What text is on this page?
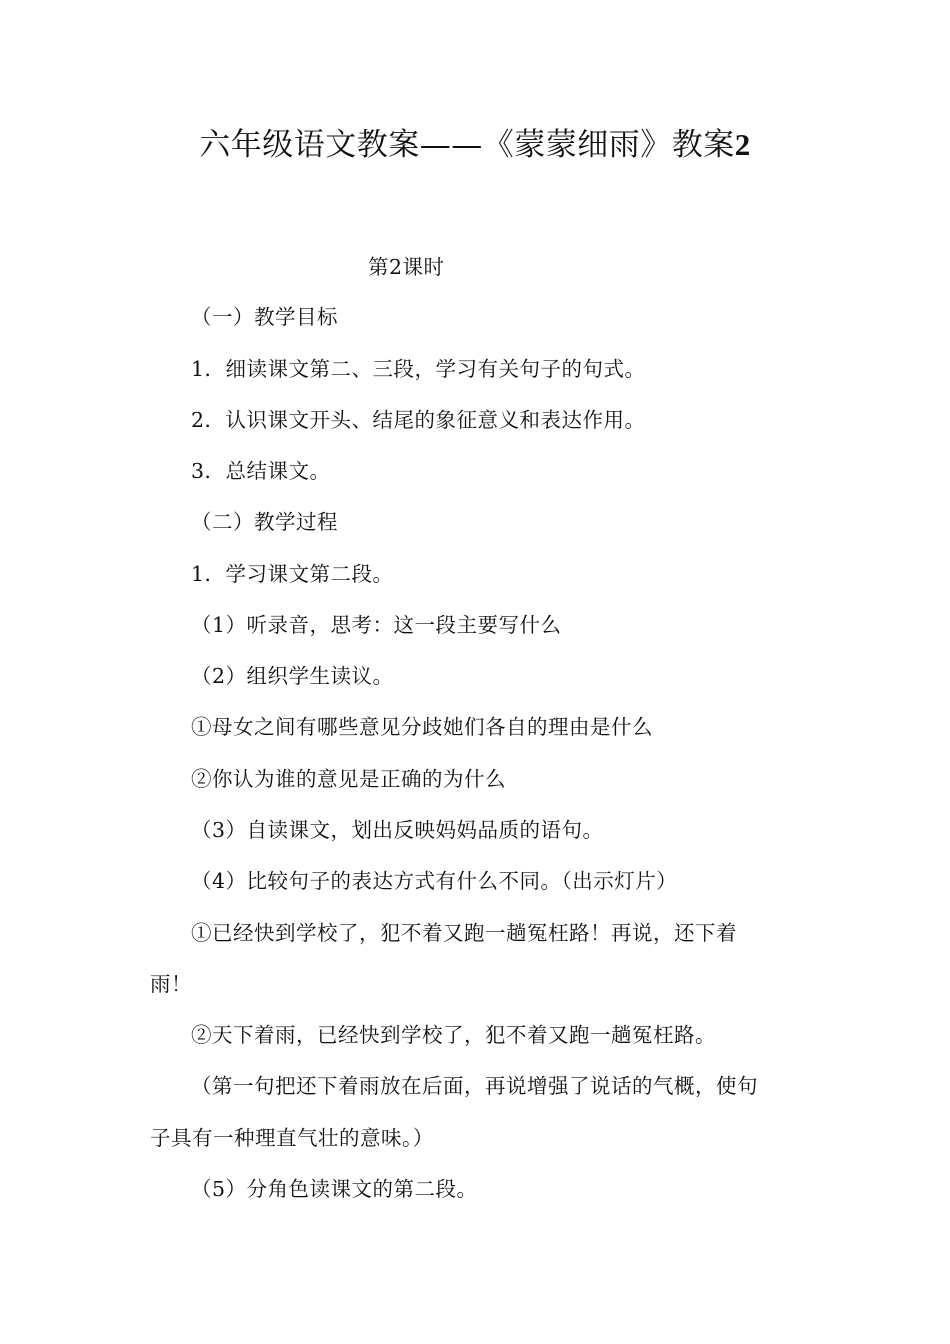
六年级语文教案——《蒙蒙细雨》教案2
第2课时
（一）教学目标
1．细读课文第二、三段，学习有关句子的句式。
2．认识课文开头、结尾的象征意义和表达作用。
3．总结课文。
（二）教学过程
1．学习课文第二段。
（1）听录音，思考：这一段主要写什么
（2）组织学生读议。
①母女之间有哪些意见分歧她们各自的理由是什么
②你认为谁的意见是正确的为什么
（3）自读课文，划出反映妈妈品质的语句。
（4）比较句子的表达方式有什么不同。（出示灯片）
①已经快到学校了，犯不着又跑一趟冤枉路！再说，还下着
雨！
②天下着雨，已经快到学校了，犯不着又跑一趟冤枉路。
（第一句把还下着雨放在后面，再说增强了说话的气概，使句
子具有一种理直气壮的意味。）
（5）分角色读课文的第二段。
